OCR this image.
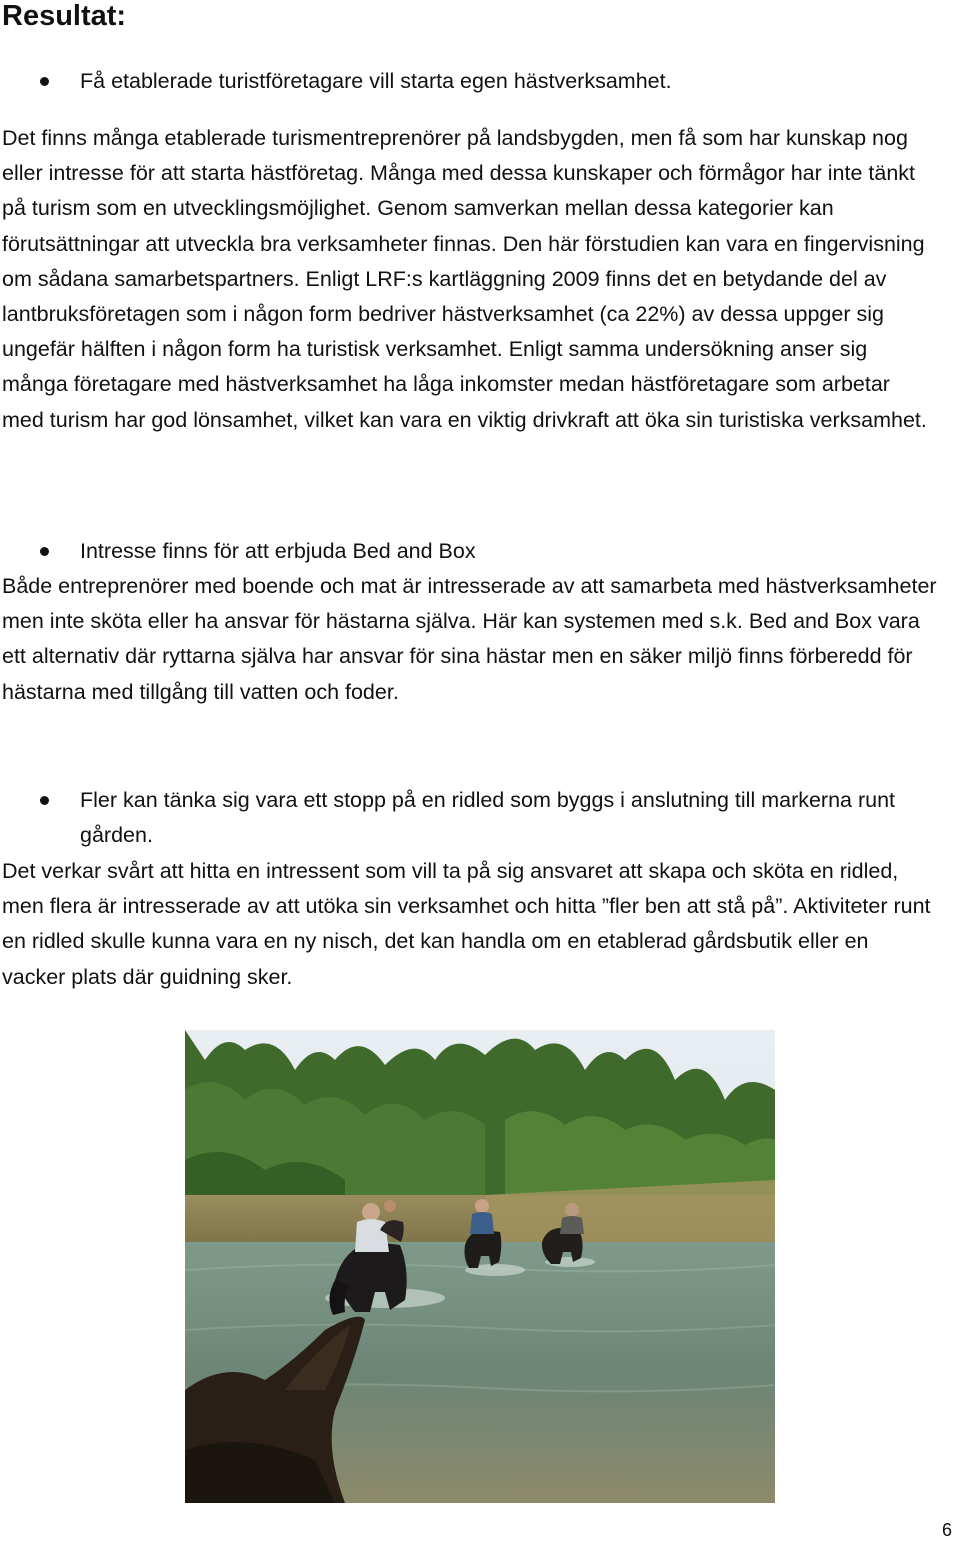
Resultat:
Få etablerade turistföretagare vill starta egen hästverksamhet.

Det finns många etablerade turismentreprenörer på landsbygden, men få som har kunskap nog eller intresse för att starta hästföretag. Många med dessa kunskaper och förmågor har inte tänkt på turism som en utvecklingsmöjlighet. Genom samverkan mellan dessa kategorier kan förutsättningar att utveckla bra verksamheter finnas. Den här förstudien kan vara en fingervisning om sådana samarbetspartners. Enligt LRF:s kartläggning 2009 finns det en betydande del av lantbruksföretagen som i någon form bedriver hästverksamhet (ca 22%) av dessa uppger sig ungefär hälften i någon form ha turistisk verksamhet. Enligt samma undersökning anser sig många företagare med hästverksamhet ha låga inkomster medan hästföretagare som arbetar med turism har god lönsamhet, vilket kan vara en viktig drivkraft att öka sin turistiska verksamhet.

Intresse finns för att erbjuda Bed and Box

Både entreprenörer med boende och mat är intresserade av att samarbeta med hästverksamheter men inte sköta eller ha ansvar för hästarna själva. Här kan systemen med s.k. Bed and Box vara ett alternativ där ryttarna själva har ansvar för sina hästar men en säker miljö finns förberedd för hästarna med tillgång till vatten och foder.

Fler kan tänka sig vara ett stopp på en ridled som byggs i anslutning till markerna runt gården.

Det verkar svårt att hitta en intressent som vill ta på sig ansvaret att skapa och sköta en ridled, men flera är intresserade av att utöka sin verksamhet och hitta ”fler ben att stå på”. Aktiviteter runt en ridled skulle kunna vara en ny nisch, det kan handla om en etablerad gårdsbutik eller en vacker plats där guidning sker.

6
